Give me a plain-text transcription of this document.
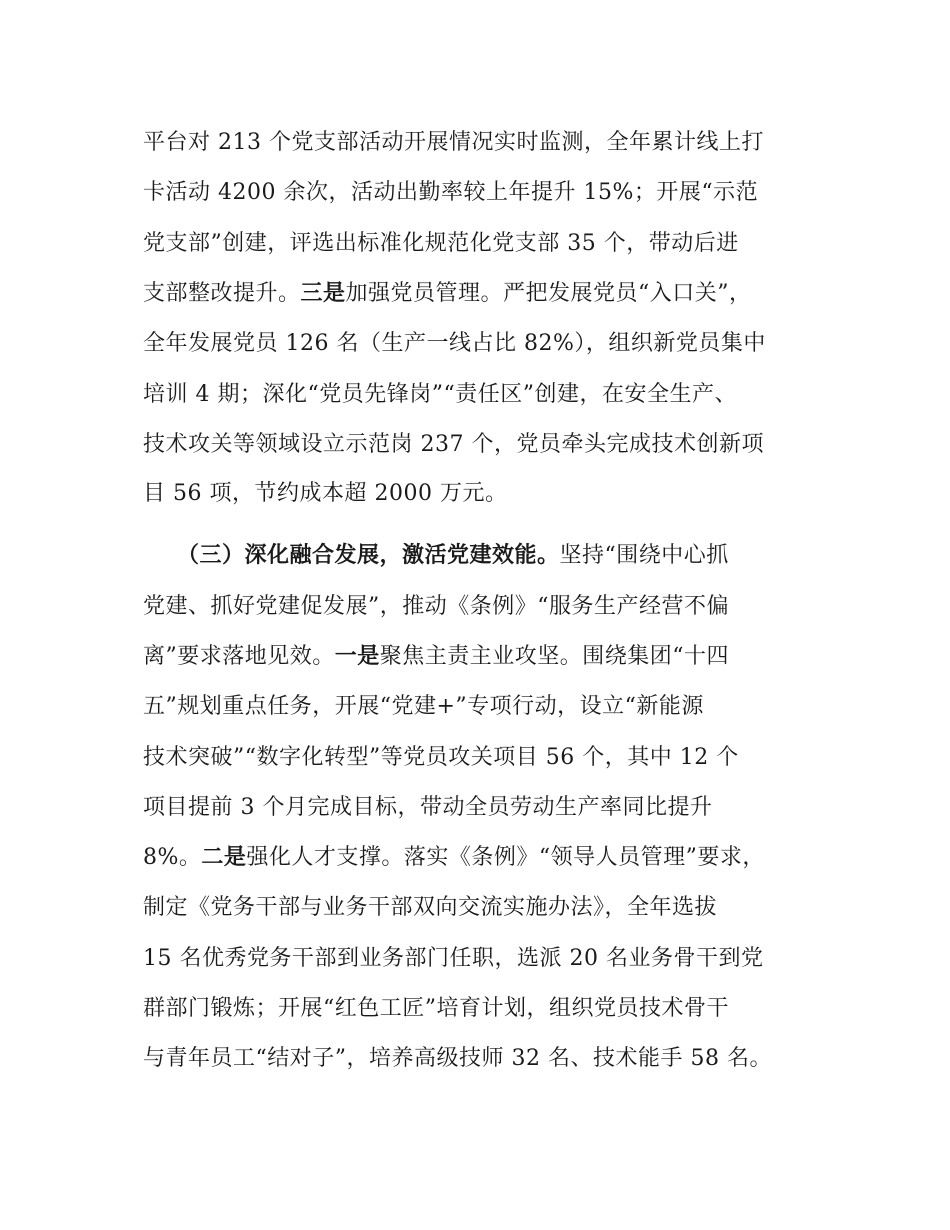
平台对 213 个党支部活动开展情况实时监测，全年累计线上打
卡活动 4200 余次，活动出勤率较上年提升 15%；开展“示范
党支部”创建，评选出标准化规范化党支部 35 个，带动后进
支部整改提升。三是加强党员管理。严把发展党员“入口关”，
全年发展党员 126 名（生产一线占比 82%），组织新党员集中
培训 4 期；深化“党员先锋岗”“责任区”创建，在安全生产、
技术攻关等领域设立示范岗 237 个，党员牵头完成技术创新项
目 56 项，节约成本超 2000 万元。
　　（三）深化融合发展，激活党建效能。坚持“围绕中心抓
党建、抓好党建促发展”，推动《条例》“服务生产经营不偏
离”要求落地见效。一是聚焦主责主业攻坚。围绕集团“十四
五”规划重点任务，开展“党建+”专项行动，设立“新能源
技术突破”“数字化转型”等党员攻关项目 56 个，其中 12 个
项目提前 3 个月完成目标，带动全员劳动生产率同比提升
8%。二是强化人才支撑。落实《条例》“领导人员管理”要求，
制定《党务干部与业务干部双向交流实施办法》，全年选拔
15 名优秀党务干部到业务部门任职，选派 20 名业务骨干到党
群部门锻炼；开展“红色工匠”培育计划，组织党员技术骨干
与青年员工“结对子”，培养高级技师 32 名、技术能手 58 名。
